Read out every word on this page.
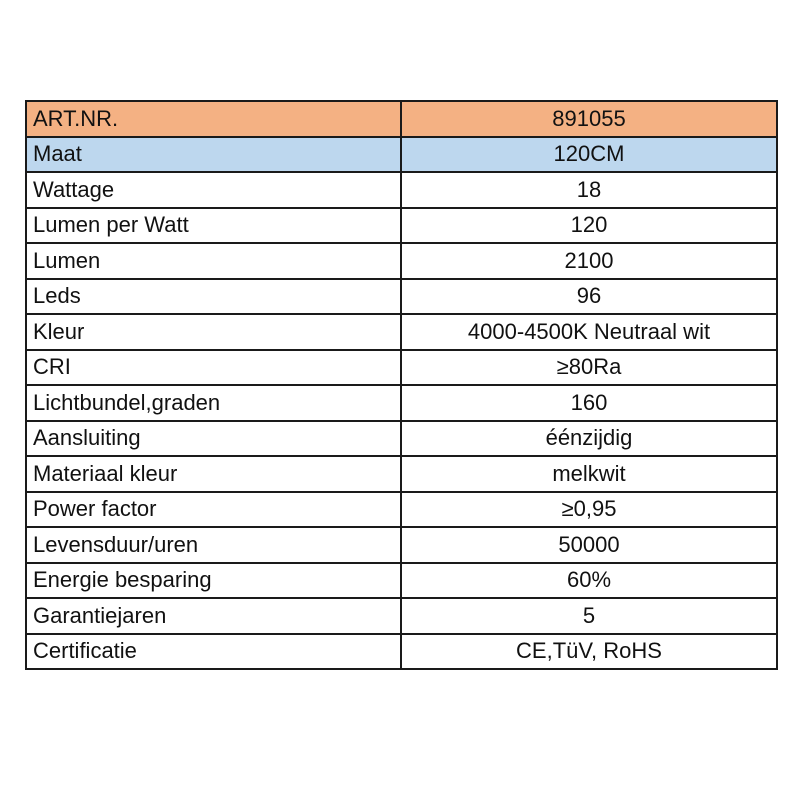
ART.NR.	891055
Maat	120CM
Wattage	18
Lumen per Watt	120
Lumen	2100
Leds	96
Kleur	4000-4500K Neutraal wit
CRI	≥80Ra
Lichtbundel,graden	160
Aansluiting	éénzijdig
Materiaal kleur	melkwit
Power factor	≥0,95
Levensduur/uren	50000
Energie besparing	60%
Garantiejaren	5
Certificatie	CE,TüV, RoHS
